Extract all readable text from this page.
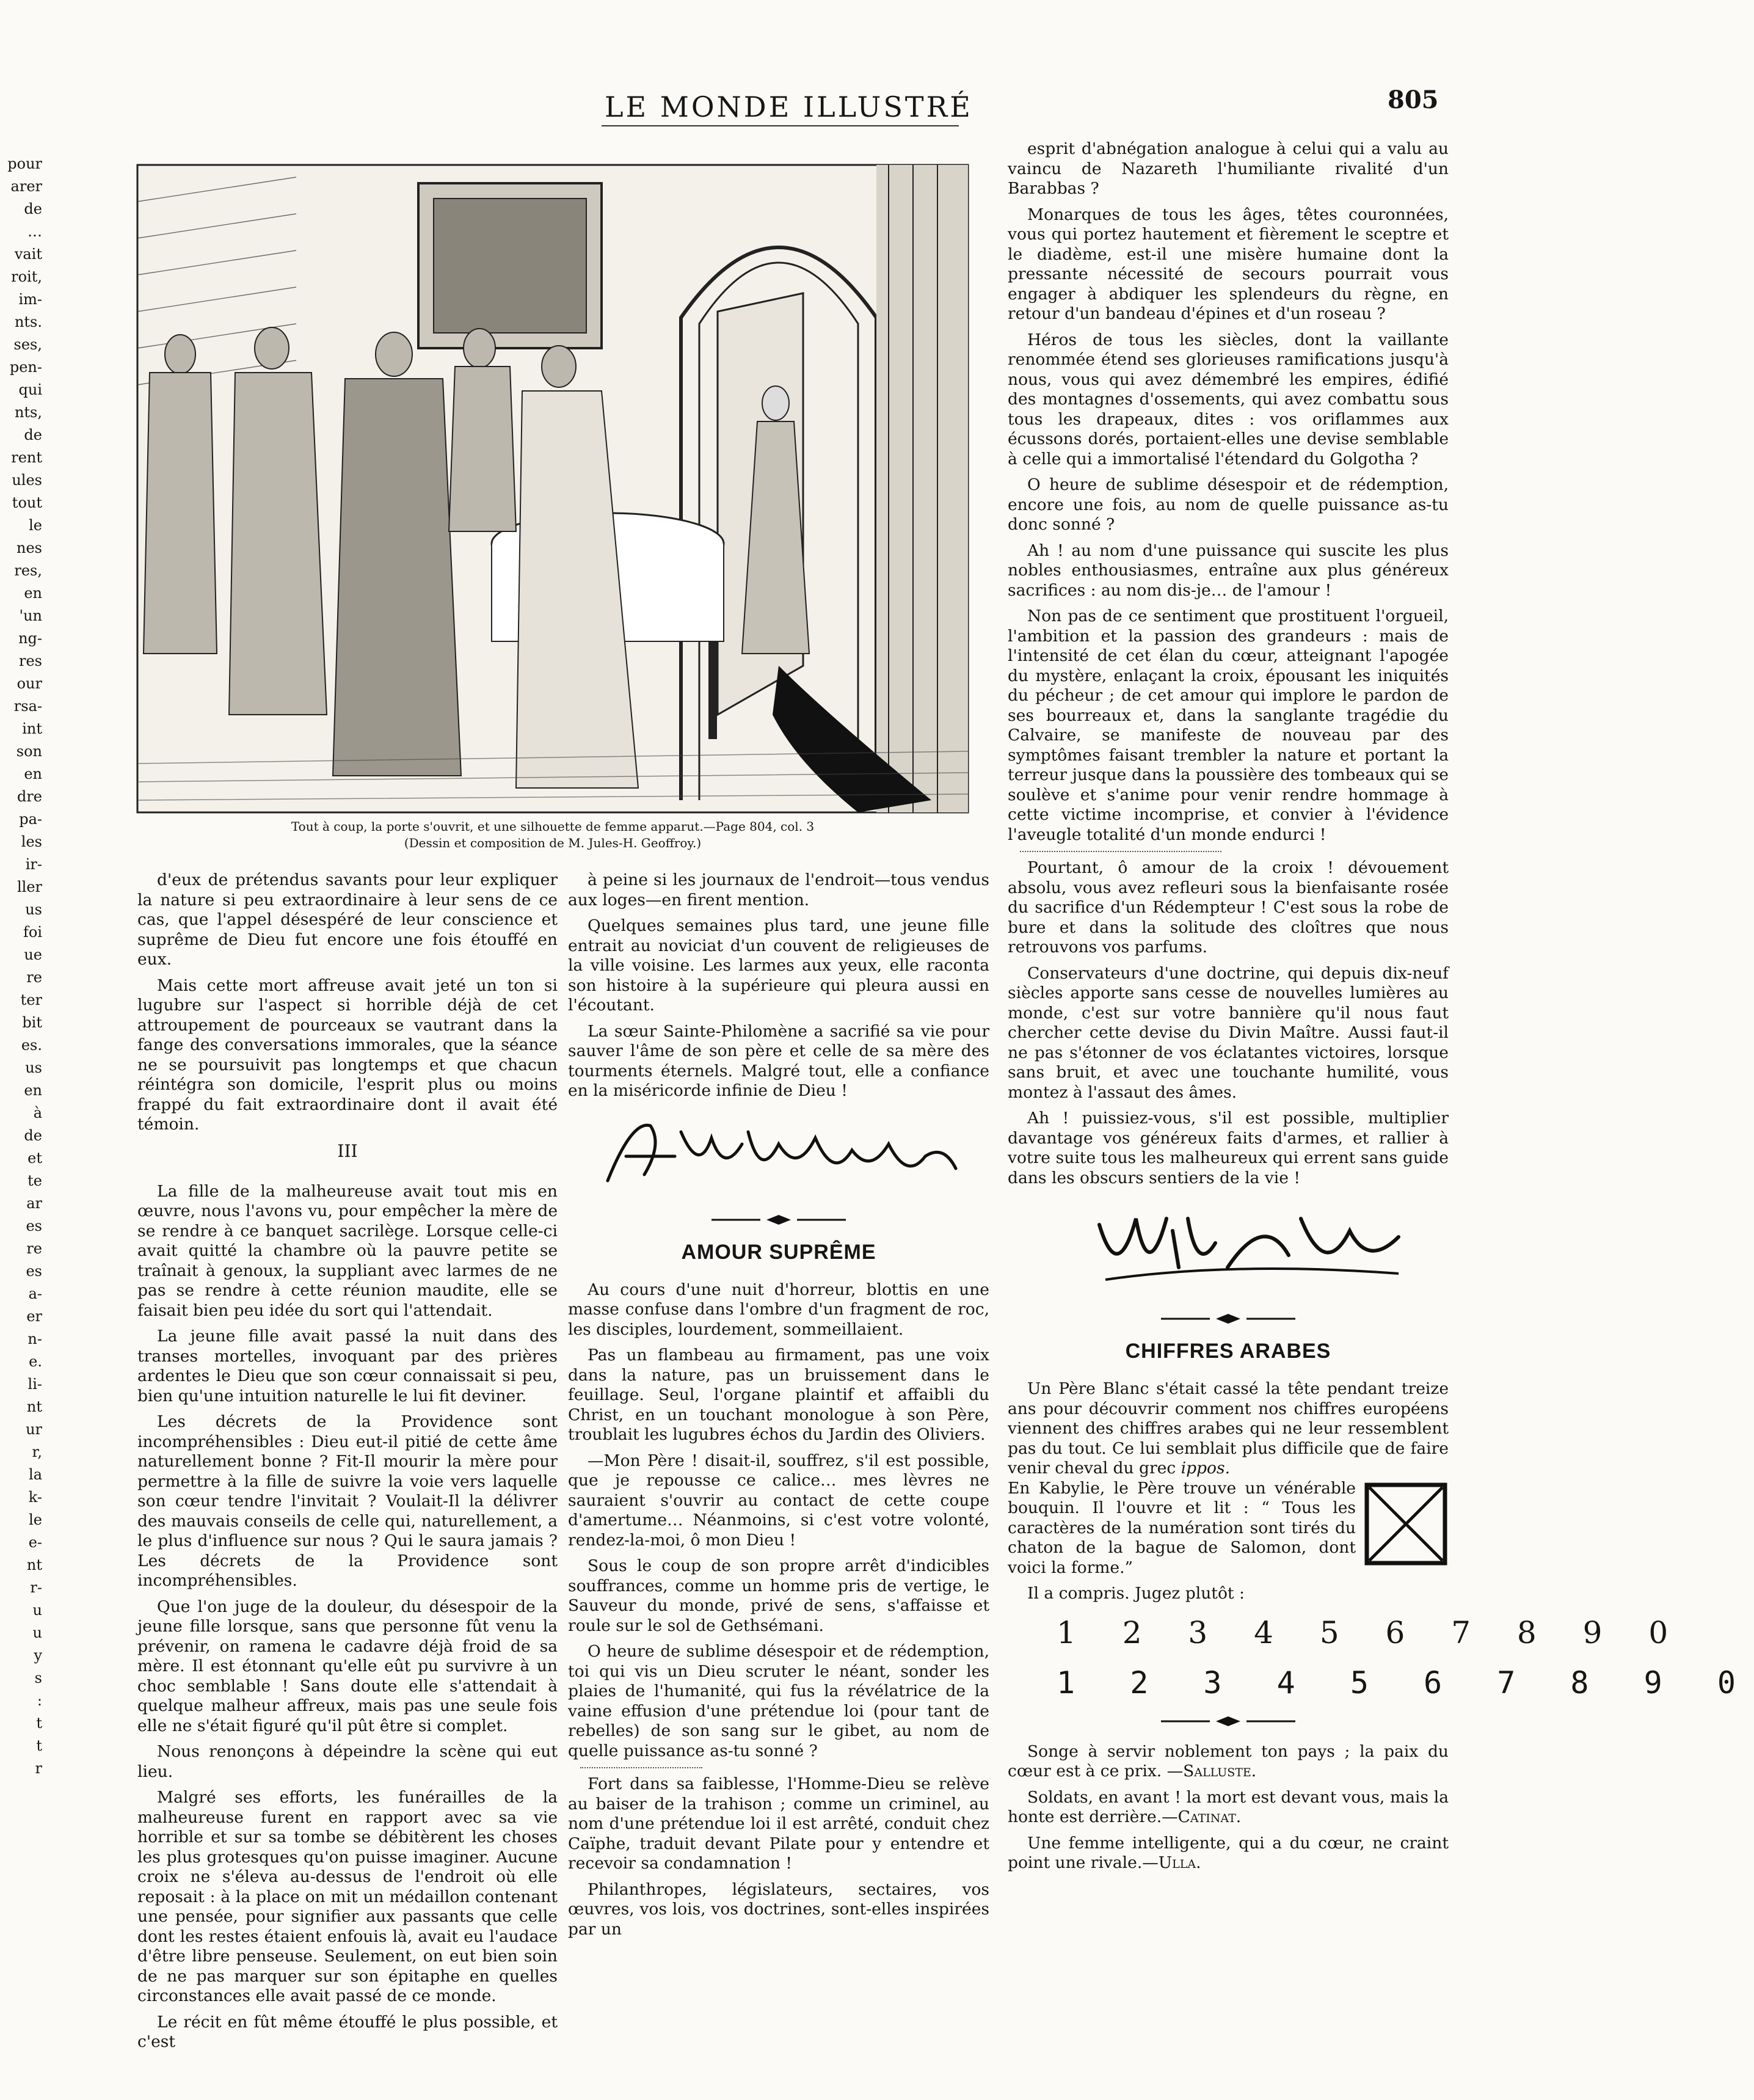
LE MONDE ILLUSTRÉ	805
pour
arer
de
…
vait
roit,
im-
nts.
ses,
pen-
qui
nts,
de
rent
ules
tout
le
nes
res,
en
'un
ng-
res
our
rsa-
int
son
en
dre
pa-
les
ir-
ller
us
foi
ue
re
ter
bit
es.
us
en
à
de
et
te
ar
es
re
es
a-
er
n-
e.
li-
nt
ur
r,
la
k-
le
e-
nt
r-
u
u
y
s
:
t
t
r
Tout à coup, la porte s'ouvrit, et une silhouette de femme apparut.—Page 804, col. 3
(Dessin et composition de M. Jules-H. Geoffroy.)

d'eux de prétendus savants pour leur expliquer la nature si peu extraordinaire à leur sens de ce cas, que l'appel désespéré de leur conscience et suprême de Dieu fut encore une fois étouffé en eux.

Mais cette mort affreuse avait jeté un ton si lugubre sur l'aspect si horrible déjà de cet attroupement de pourceaux se vautrant dans la fange des conversations immorales, que la séance ne se poursuivit pas longtemps et que chacun réintégra son domicile, l'esprit plus ou moins frappé du fait extraordinaire dont il avait été témoin.

III

La fille de la malheureuse avait tout mis en œuvre, nous l'avons vu, pour empêcher la mère de se rendre à ce banquet sacrilège. Lorsque celle-ci avait quitté la chambre où la pauvre petite se traînait à genoux, la suppliant avec larmes de ne pas se rendre à cette réunion maudite, elle se faisait bien peu idée du sort qui l'attendait.

La jeune fille avait passé la nuit dans des transes mortelles, invoquant par des prières ardentes le Dieu que son cœur connaissait si peu, bien qu'une intuition naturelle le lui fit deviner.

Les décrets de la Providence sont incompréhensibles : Dieu eut-il pitié de cette âme naturellement bonne ? Fit-Il mourir la mère pour permettre à la fille de suivre la voie vers laquelle son cœur tendre l'invitait ? Voulait-Il la délivrer des mauvais conseils de celle qui, naturellement, a le plus d'influence sur nous ? Qui le saura jamais ? Les décrets de la Providence sont incompréhensibles.

Que l'on juge de la douleur, du désespoir de la jeune fille lorsque, sans que personne fût venu la prévenir, on ramena le cadavre déjà froid de sa mère. Il est étonnant qu'elle eût pu survivre à un choc semblable ! Sans doute elle s'attendait à quelque malheur affreux, mais pas une seule fois elle ne s'était figuré qu'il pût être si complet.

Nous renonçons à dépeindre la scène qui eut lieu.

Malgré ses efforts, les funérailles de la malheureuse furent en rapport avec sa vie horrible et sur sa tombe se débitèrent les choses les plus grotesques qu'on puisse imaginer. Aucune croix ne s'éleva au-dessus de l'endroit où elle reposait : à la place on mit un médaillon contenant une pensée, pour signifier aux passants que celle dont les restes étaient enfouis là, avait eu l'audace d'être libre penseuse. Seulement, on eut bien soin de ne pas marquer sur son épitaphe en quelles circonstances elle avait passé de ce monde.

Le récit en fût même étouffé le plus possible, et c'est

à peine si les journaux de l'endroit—tous vendus aux loges—en firent mention.

Quelques semaines plus tard, une jeune fille entrait au noviciat d'un couvent de religieuses de la ville voisine. Les larmes aux yeux, elle raconta son histoire à la supérieure qui pleura aussi en l'écoutant.

La sœur Sainte-Philomène a sacrifié sa vie pour sauver l'âme de son père et celle de sa mère des tourments éternels. Malgré tout, elle a confiance en la miséricorde infinie de Dieu !

AMOUR SUPRÊME

Au cours d'une nuit d'horreur, blottis en une masse confuse dans l'ombre d'un fragment de roc, les disciples, lourdement, sommeillaient.

Pas un flambeau au firmament, pas une voix dans la nature, pas un bruissement dans le feuillage. Seul, l'organe plaintif et affaibli du Christ, en un touchant monologue à son Père, troublait les lugubres échos du Jardin des Oliviers.

—Mon Père ! disait-il, souffrez, s'il est possible, que je repousse ce calice… mes lèvres ne sauraient s'ouvrir au contact de cette coupe d'amertume… Néanmoins, si c'est votre volonté, rendez-la-moi, ô mon Dieu !

Sous le coup de son propre arrêt d'indicibles souffrances, comme un homme pris de vertige, le Sauveur du monde, privé de sens, s'affaisse et roule sur le sol de Gethsémani.

O heure de sublime désespoir et de rédemption, toi qui vis un Dieu scruter le néant, sonder les plaies de l'humanité, qui fus la révélatrice de la vaine effusion d'une prétendue loi (pour tant de rebelles) de son sang sur le gibet, au nom de quelle puissance as-tu sonné ?

Fort dans sa faiblesse, l'Homme-Dieu se relève au baiser de la trahison ; comme un criminel, au nom d'une prétendue loi il est arrêté, conduit chez Caïphe, traduit devant Pilate pour y entendre et recevoir sa condamnation !

Philanthropes, législateurs, sectaires, vos œuvres, vos lois, vos doctrines, sont-elles inspirées par un

esprit d'abnégation analogue à celui qui a valu au vaincu de Nazareth l'humiliante rivalité d'un Barabbas ?

Monarques de tous les âges, têtes couronnées, vous qui portez hautement et fièrement le sceptre et le diadème, est-il une misère humaine dont la pressante nécessité de secours pourrait vous engager à abdiquer les splendeurs du règne, en retour d'un bandeau d'épines et d'un roseau ?

Héros de tous les siècles, dont la vaillante renommée étend ses glorieuses ramifications jusqu'à nous, vous qui avez démembré les empires, édifié des montagnes d'ossements, qui avez combattu sous tous les drapeaux, dites : vos oriflammes aux écussons dorés, portaient-elles une devise semblable à celle qui a immortalisé l'étendard du Golgotha ?

O heure de sublime désespoir et de rédemption, encore une fois, au nom de quelle puissance as-tu donc sonné ?

Ah ! au nom d'une puissance qui suscite les plus nobles enthousiasmes, entraîne aux plus généreux sacrifices : au nom dis-je… de l'amour !

Non pas de ce sentiment que prostituent l'orgueil, l'ambition et la passion des grandeurs : mais de l'intensité de cet élan du cœur, atteignant l'apogée du mystère, enlaçant la croix, épousant les iniquités du pécheur ; de cet amour qui implore le pardon de ses bourreaux et, dans la sanglante tragédie du Calvaire, se manifeste de nouveau par des symptômes faisant trembler la nature et portant la terreur jusque dans la poussière des tombeaux qui se soulève et s'anime pour venir rendre hommage à cette victime incomprise, et convier à l'évidence l'aveugle totalité d'un monde endurci !

Pourtant, ô amour de la croix ! dévouement absolu, vous avez refleuri sous la bienfaisante rosée du sacrifice d'un Rédempteur ! C'est sous la robe de bure et dans la solitude des cloîtres que nous retrouvons vos parfums.

Conservateurs d'une doctrine, qui depuis dix-neuf siècles apporte sans cesse de nouvelles lumières au monde, c'est sur votre bannière qu'il nous faut chercher cette devise du Divin Maître. Aussi faut-il ne pas s'étonner de vos éclatantes victoires, lorsque sans bruit, et avec une touchante humilité, vous montez à l'assaut des âmes.

Ah ! puissiez-vous, s'il est possible, multiplier davantage vos généreux faits d'armes, et rallier à votre suite tous les malheureux qui errent sans guide dans les obscurs sentiers de la vie !

CHIFFRES ARABES

Un Père Blanc s'était cassé la tête pendant treize ans pour découvrir comment nos chiffres européens viennent des chiffres arabes qui ne leur ressemblent pas du tout. Ce lui semblait plus difficile que de faire venir cheval du grec ippos.

En Kabylie, le Père trouve un vénérable bouquin. Il l'ouvre et lit : “ Tous les caractères de la numération sont tirés du chaton de la bague de Salomon, dont voici la forme.”

Il a compris. Jugez plutôt :

1 2 3 4 5 6 7 8 9 0
1 2 3 4 5 6 7 8 9 0

Songe à servir noblement ton pays ; la paix du cœur est à ce prix. —Salluste.

Soldats, en avant ! la mort est devant vous, mais la honte est derrière.—Catinat.

Une femme intelligente, qui a du cœur, ne craint point une rivale.—Ulla.
